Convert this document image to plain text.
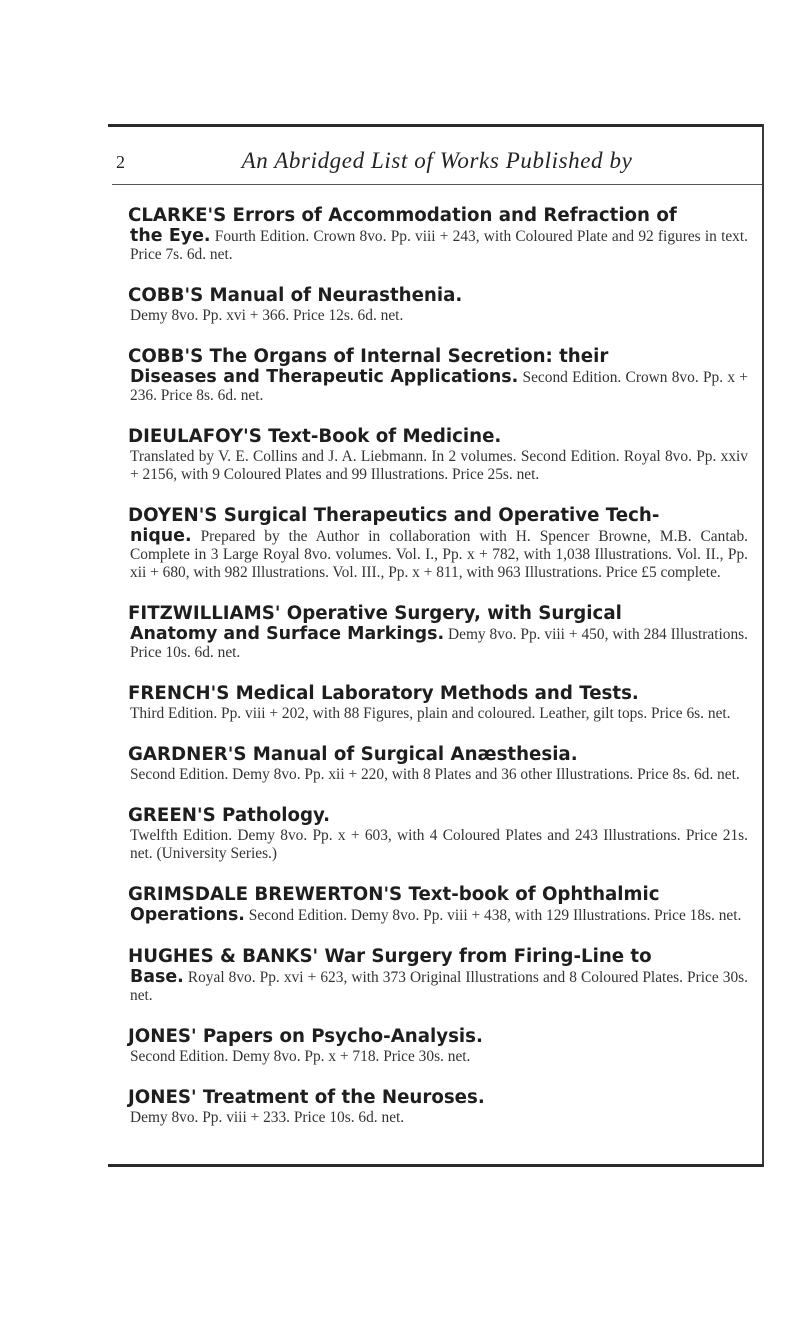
2	An Abridged List of Works Published by
CLARKE'S Errors of Accommodation and Refraction of
the Eye. Fourth Edition. Crown 8vo. Pp. viii + 243, with Coloured Plate and 92 figures in text. Price 7s. 6d. net.
COBB'S Manual of Neurasthenia.
Demy 8vo. Pp. xvi + 366. Price 12s. 6d. net.
COBB'S The Organs of Internal Secretion: their
Diseases and Therapeutic Applications. Second Edition. Crown 8vo. Pp. x + 236. Price 8s. 6d. net.
DIEULAFOY'S Text-Book of Medicine.
Translated by V. E. Collins and J. A. Liebmann. In 2 volumes. Second Edition. Royal 8vo. Pp. xxiv + 2156, with 9 Coloured Plates and 99 Illustrations. Price 25s. net.
DOYEN'S Surgical Therapeutics and Operative Tech-
nique. Prepared by the Author in collaboration with H. Spencer Browne, M.B. Cantab. Complete in 3 Large Royal 8vo. volumes. Vol. I., Pp. x + 782, with 1,038 Illustrations. Vol. II., Pp. xii + 680, with 982 Illustrations. Vol. III., Pp. x + 811, with 963 Illustrations. Price £5 complete.
FITZWILLIAMS' Operative Surgery, with Surgical
Anatomy and Surface Markings. Demy 8vo. Pp. viii + 450, with 284 Illustrations. Price 10s. 6d. net.
FRENCH'S Medical Laboratory Methods and Tests.
Third Edition. Pp. viii + 202, with 88 Figures, plain and coloured. Leather, gilt tops. Price 6s. net.
GARDNER'S Manual of Surgical Anæsthesia.
Second Edition. Demy 8vo. Pp. xii + 220, with 8 Plates and 36 other Illustrations. Price 8s. 6d. net.
GREEN'S Pathology.
Twelfth Edition. Demy 8vo. Pp. x + 603, with 4 Coloured Plates and 243 Illustrations. Price 21s. net. (University Series.)
GRIMSDALE BREWERTON'S Text-book of Ophthalmic
Operations. Second Edition. Demy 8vo. Pp. viii + 438, with 129 Illustrations. Price 18s. net.
HUGHES & BANKS' War Surgery from Firing-Line to
Base. Royal 8vo. Pp. xvi + 623, with 373 Original Illustrations and 8 Coloured Plates. Price 30s. net.
JONES' Papers on Psycho-Analysis.
Second Edition. Demy 8vo. Pp. x + 718. Price 30s. net.
JONES' Treatment of the Neuroses.
Demy 8vo. Pp. viii + 233. Price 10s. 6d. net.
